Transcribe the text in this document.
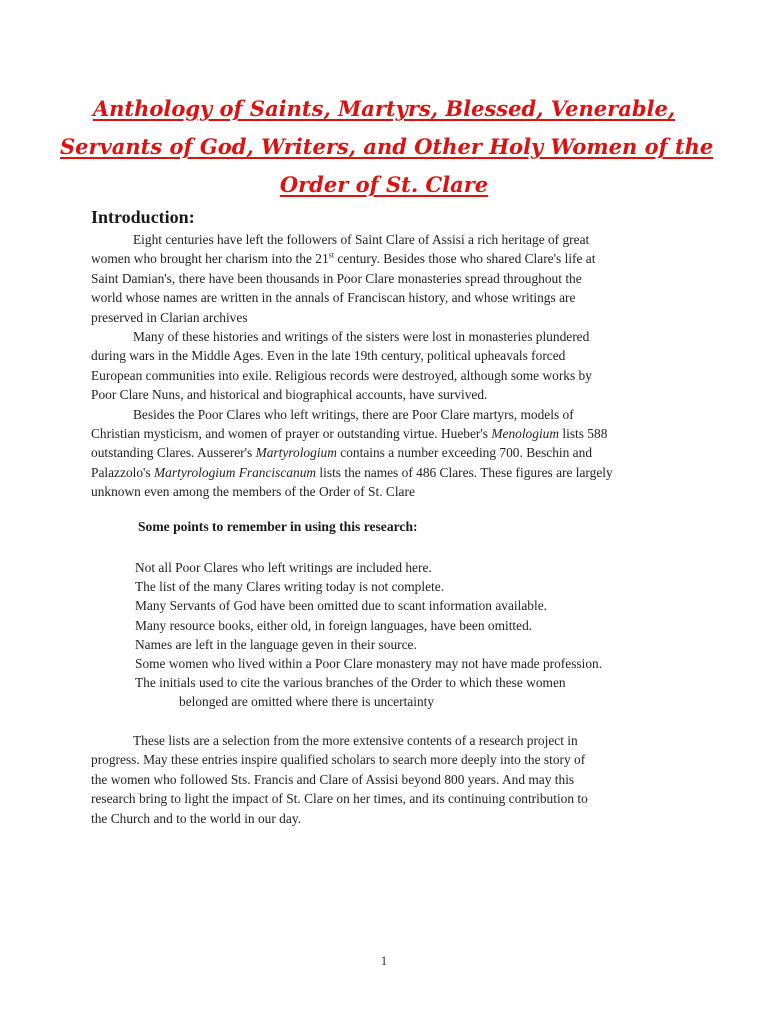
Anthology of Saints, Martyrs, Blessed, Venerable,
Servants of God, Writers, and Other Holy Women of the
Order of St. Clare
Introduction:
Eight centuries have left the followers of Saint Clare of Assisi a rich heritage of great
women who brought her charism into the 21st century. Besides those who shared Clare's life at
Saint Damian's, there have been thousands in Poor Clare monasteries spread throughout the
world whose names are written in the annals of Franciscan history, and whose writings are
preserved in Clarian archives
Many of these histories and writings of the sisters were lost in monasteries plundered
during wars in the Middle Ages. Even in the late 19th century, political upheavals forced
European communities into exile. Religious records were destroyed, although some works by
Poor Clare Nuns, and historical and biographical accounts, have survived.
Besides the Poor Clares who left writings, there are Poor Clare martyrs, models of
Christian mysticism, and women of prayer or outstanding virtue. Hueber's Menologium lists 588
outstanding Clares. Ausserer's Martyrologium contains a number exceeding 700. Beschin and
Palazzolo's Martyrologium Franciscanum lists the names of 486 Clares. These figures are largely
unknown even among the members of the Order of St. Clare
Some points to remember in using this research:
Not all Poor Clares who left writings are included here.
The list of the many Clares writing today is not complete.
Many Servants of God have been omitted due to scant information available.
Many resource books, either old, in foreign languages, have been omitted.
Names are left in the language geven in their source.
Some women who lived within a Poor Clare monastery may not have made profession.
The initials used to cite the various branches of the Order to which these women
belonged are omitted where there is uncertainty
These lists are a selection from the more extensive contents of a research project in
progress. May these entries inspire qualified scholars to search more deeply into the story of
the women who followed Sts. Francis and Clare of Assisi beyond 800 years. And may this
research bring to light the impact of St. Clare on her times, and its continuing contribution to
the Church and to the world in our day.
1
